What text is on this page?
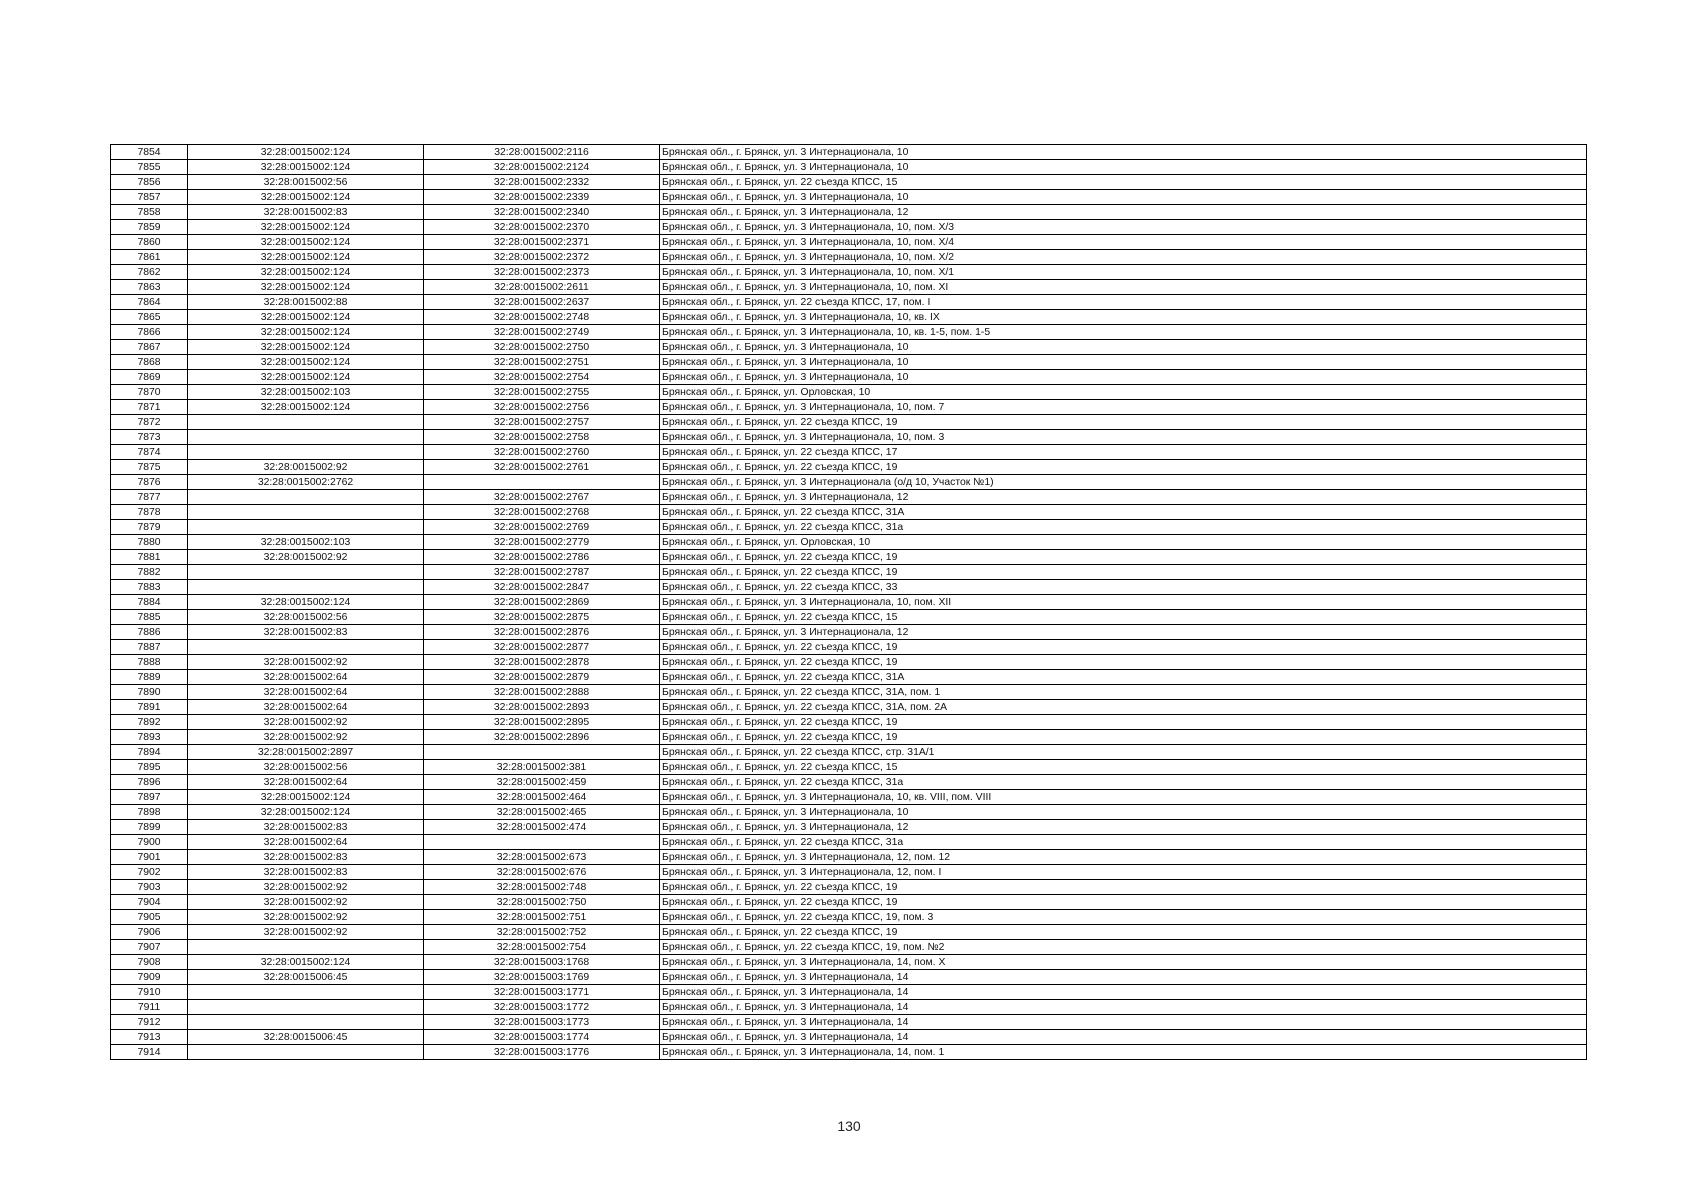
7854	32:28:0015002:124	32:28:0015002:2116	Брянская обл., г. Брянск, ул. 3 Интернационала, 10
7855	32:28:0015002:124	32:28:0015002:2124	Брянская обл., г. Брянск, ул. 3 Интернационала, 10
7856	32:28:0015002:56	32:28:0015002:2332	Брянская обл., г. Брянск, ул. 22 съезда КПСС, 15
7857	32:28:0015002:124	32:28:0015002:2339	Брянская обл., г. Брянск, ул. 3 Интернационала, 10
7858	32:28:0015002:83	32:28:0015002:2340	Брянская обл., г. Брянск, ул. 3 Интернационала, 12
7859	32:28:0015002:124	32:28:0015002:2370	Брянская обл., г. Брянск, ул. 3 Интернационала, 10, пом. X/3
7860	32:28:0015002:124	32:28:0015002:2371	Брянская обл., г. Брянск, ул. 3 Интернационала, 10, пом. X/4
7861	32:28:0015002:124	32:28:0015002:2372	Брянская обл., г. Брянск, ул. 3 Интернационала, 10, пом. X/2
7862	32:28:0015002:124	32:28:0015002:2373	Брянская обл., г. Брянск, ул. 3 Интернационала, 10, пом. X/1
7863	32:28:0015002:124	32:28:0015002:2611	Брянская обл., г. Брянск, ул. 3 Интернационала, 10, пом. XI
7864	32:28:0015002:88	32:28:0015002:2637	Брянская обл., г. Брянск, ул. 22 съезда КПСС, 17, пом. I
7865	32:28:0015002:124	32:28:0015002:2748	Брянская обл., г. Брянск, ул. 3 Интернационала, 10, кв. IX
7866	32:28:0015002:124	32:28:0015002:2749	Брянская обл., г. Брянск, ул. 3 Интернационала, 10, кв. 1-5, пом. 1-5
7867	32:28:0015002:124	32:28:0015002:2750	Брянская обл., г. Брянск, ул. 3 Интернационала, 10
7868	32:28:0015002:124	32:28:0015002:2751	Брянская обл., г. Брянск, ул. 3 Интернационала, 10
7869	32:28:0015002:124	32:28:0015002:2754	Брянская обл., г. Брянск, ул. 3 Интернационала, 10
7870	32:28:0015002:103	32:28:0015002:2755	Брянская обл., г. Брянск, ул. Орловская, 10
7871	32:28:0015002:124	32:28:0015002:2756	Брянская обл., г. Брянск, ул. 3 Интернационала, 10, пом. 7
7872		32:28:0015002:2757	Брянская обл., г. Брянск, ул. 22 съезда КПСС, 19
7873		32:28:0015002:2758	Брянская обл., г. Брянск, ул. 3 Интернационала, 10, пом. 3
7874		32:28:0015002:2760	Брянская обл., г. Брянск, ул. 22 съезда КПСС, 17
7875	32:28:0015002:92	32:28:0015002:2761	Брянская обл., г. Брянск, ул. 22 съезда КПСС, 19
7876	32:28:0015002:2762		Брянская обл., г. Брянск, ул. 3 Интернационала (о/д 10, Участок №1)
7877		32:28:0015002:2767	Брянская обл., г. Брянск, ул. 3 Интернационала, 12
7878		32:28:0015002:2768	Брянская обл., г. Брянск, ул. 22 съезда КПСС, 31А
7879		32:28:0015002:2769	Брянская обл., г. Брянск, ул. 22 съезда КПСС, 31а
7880	32:28:0015002:103	32:28:0015002:2779	Брянская обл., г. Брянск, ул. Орловская, 10
7881	32:28:0015002:92	32:28:0015002:2786	Брянская обл., г. Брянск, ул. 22 съезда КПСС, 19
7882		32:28:0015002:2787	Брянская обл., г. Брянск, ул. 22 съезда КПСС, 19
7883		32:28:0015002:2847	Брянская обл., г. Брянск, ул. 22 съезда КПСС, 33
7884	32:28:0015002:124	32:28:0015002:2869	Брянская обл., г. Брянск, ул. 3 Интернационала, 10, пом. XII
7885	32:28:0015002:56	32:28:0015002:2875	Брянская обл., г. Брянск, ул. 22 съезда КПСС, 15
7886	32:28:0015002:83	32:28:0015002:2876	Брянская обл., г. Брянск, ул. 3 Интернационала, 12
7887		32:28:0015002:2877	Брянская обл., г. Брянск, ул. 22 съезда КПСС, 19
7888	32:28:0015002:92	32:28:0015002:2878	Брянская обл., г. Брянск, ул. 22 съезда КПСС, 19
7889	32:28:0015002:64	32:28:0015002:2879	Брянская обл., г. Брянск, ул. 22 съезда КПСС, 31А
7890	32:28:0015002:64	32:28:0015002:2888	Брянская обл., г. Брянск, ул. 22 съезда КПСС, 31А, пом. 1
7891	32:28:0015002:64	32:28:0015002:2893	Брянская обл., г. Брянск, ул. 22 съезда КПСС, 31А, пом. 2А
7892	32:28:0015002:92	32:28:0015002:2895	Брянская обл., г. Брянск, ул. 22 съезда КПСС, 19
7893	32:28:0015002:92	32:28:0015002:2896	Брянская обл., г. Брянск, ул. 22 съезда КПСС, 19
7894	32:28:0015002:2897		Брянская обл., г. Брянск, ул. 22 съезда КПСС, стр. 31А/1
7895	32:28:0015002:56	32:28:0015002:381	Брянская обл., г. Брянск, ул. 22 съезда КПСС, 15
7896	32:28:0015002:64	32:28:0015002:459	Брянская обл., г. Брянск, ул. 22 съезда КПСС, 31а
7897	32:28:0015002:124	32:28:0015002:464	Брянская обл., г. Брянск, ул. 3 Интернационала, 10, кв. VIII, пом. VIII
7898	32:28:0015002:124	32:28:0015002:465	Брянская обл., г. Брянск, ул. 3 Интернационала, 10
7899	32:28:0015002:83	32:28:0015002:474	Брянская обл., г. Брянск, ул. 3 Интернационала, 12
7900	32:28:0015002:64		Брянская обл., г. Брянск, ул. 22 съезда КПСС, 31а
7901	32:28:0015002:83	32:28:0015002:673	Брянская обл., г. Брянск, ул. 3 Интернационала, 12, пом. 12
7902	32:28:0015002:83	32:28:0015002:676	Брянская обл., г. Брянск, ул. 3 Интернационала, 12, пом. I
7903	32:28:0015002:92	32:28:0015002:748	Брянская обл., г. Брянск, ул. 22 съезда КПСС, 19
7904	32:28:0015002:92	32:28:0015002:750	Брянская обл., г. Брянск, ул. 22 съезда КПСС, 19
7905	32:28:0015002:92	32:28:0015002:751	Брянская обл., г. Брянск, ул. 22 съезда КПСС, 19, пом. 3
7906	32:28:0015002:92	32:28:0015002:752	Брянская обл., г. Брянск, ул. 22 съезда КПСС, 19
7907		32:28:0015002:754	Брянская обл., г. Брянск, ул. 22 съезда КПСС, 19, пом. №2
7908	32:28:0015002:124	32:28:0015003:1768	Брянская обл., г. Брянск, ул. 3 Интернационала, 14, пом. X
7909	32:28:0015006:45	32:28:0015003:1769	Брянская обл., г. Брянск, ул. 3 Интернационала, 14
7910		32:28:0015003:1771	Брянская обл., г. Брянск, ул. 3 Интернационала, 14
7911		32:28:0015003:1772	Брянская обл., г. Брянск, ул. 3 Интернационала, 14
7912		32:28:0015003:1773	Брянская обл., г. Брянск, ул. 3 Интернационала, 14
7913	32:28:0015006:45	32:28:0015003:1774	Брянская обл., г. Брянск, ул. 3 Интернационала, 14
7914		32:28:0015003:1776	Брянская обл., г. Брянск, ул. 3 Интернационала, 14, пом. 1
130
